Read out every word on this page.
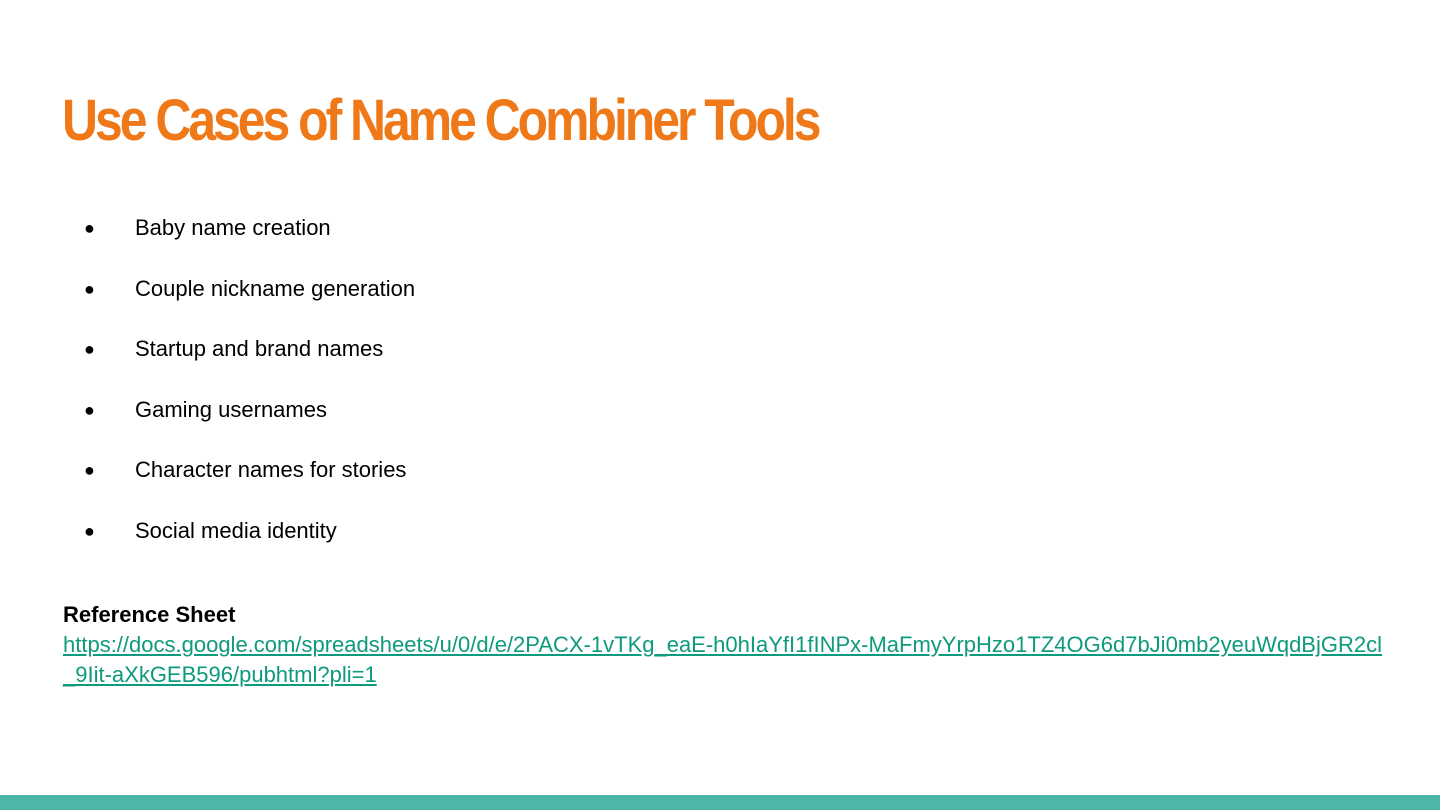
Use Cases of Name Combiner Tools
● Baby name creation
● Couple nickname generation
● Startup and brand names
● Gaming usernames
● Character names for stories
● Social media identity
Reference Sheet
https://docs.google.com/spreadsheets/u/0/d/e/2PACX-1vTKg_eaE-h0hIaYfI1fINPx-MaFmyYrpHzo1TZ4OG6d7bJi0mb2yeuWqdBjGR2cl_9Iit-aXkGEB596/pubhtml?pli=1
